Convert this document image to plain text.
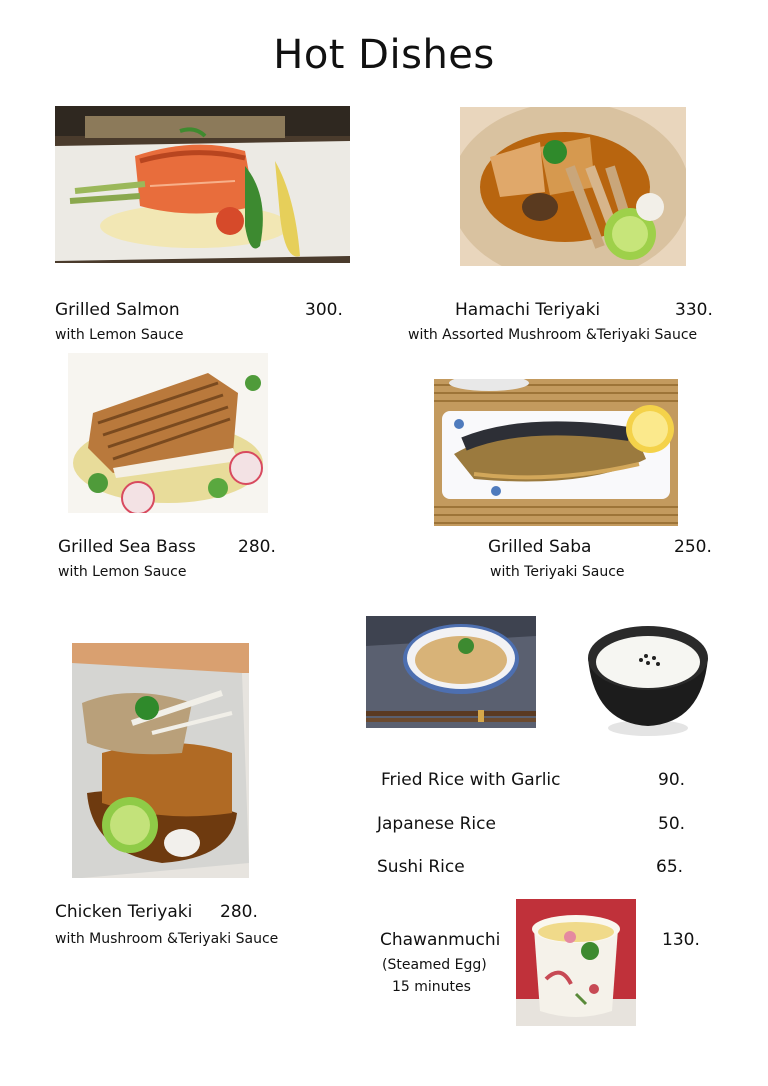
Hot Dishes
Grilled Salmon	300.
with Lemon Sauce
Hamachi Teriyaki	330.
with Assorted Mushroom &Teriyaki Sauce
Grilled Sea Bass 280.
with Lemon Sauce
Grilled Saba	250.
with Teriyaki Sauce
Fried Rice with Garlic	90.
Japanese Rice	50.
Sushi Rice	65.
Chicken Teriyaki 280.
with Mushroom &Teriyaki Sauce	Chawanmuchi	130.
(Steamed Egg)
15 minutes
